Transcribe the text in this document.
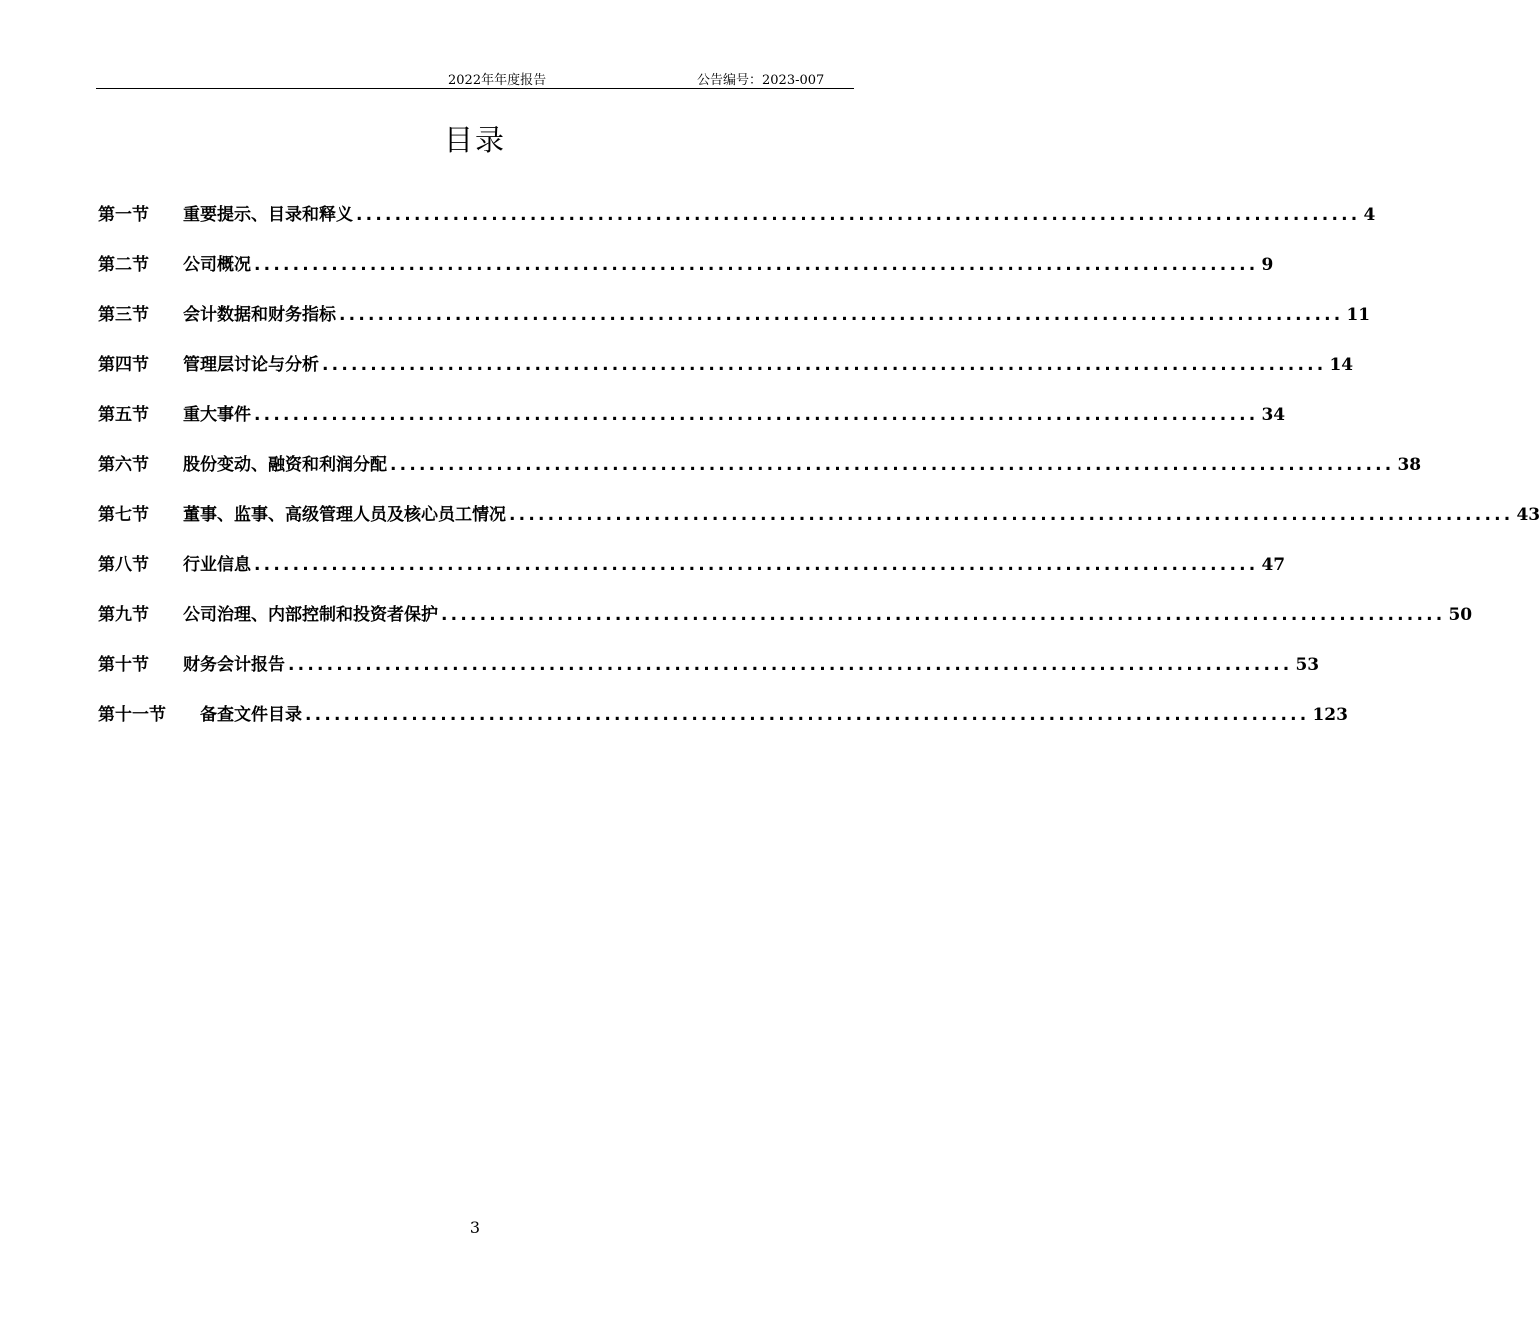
2022年年度报告	公告编号：2023-007
目录
第一节	重要提示、目录和释义 ........................................................................................................ 4
第二节	公司概况 ........................................................................................................ 9
第三节	会计数据和财务指标 ........................................................................................................ 11
第四节	管理层讨论与分析 ........................................................................................................ 14
第五节	重大事件 ........................................................................................................ 34
第六节	股份变动、融资和利润分配 ........................................................................................................ 38
第七节	董事、监事、高级管理人员及核心员工情况 ........................................................................................................ 43
第八节	行业信息 ........................................................................................................ 47
第九节	公司治理、内部控制和投资者保护 ........................................................................................................ 50
第十节	财务会计报告 ........................................................................................................ 53
第十一节	备查文件目录 ........................................................................................................ 123
3
